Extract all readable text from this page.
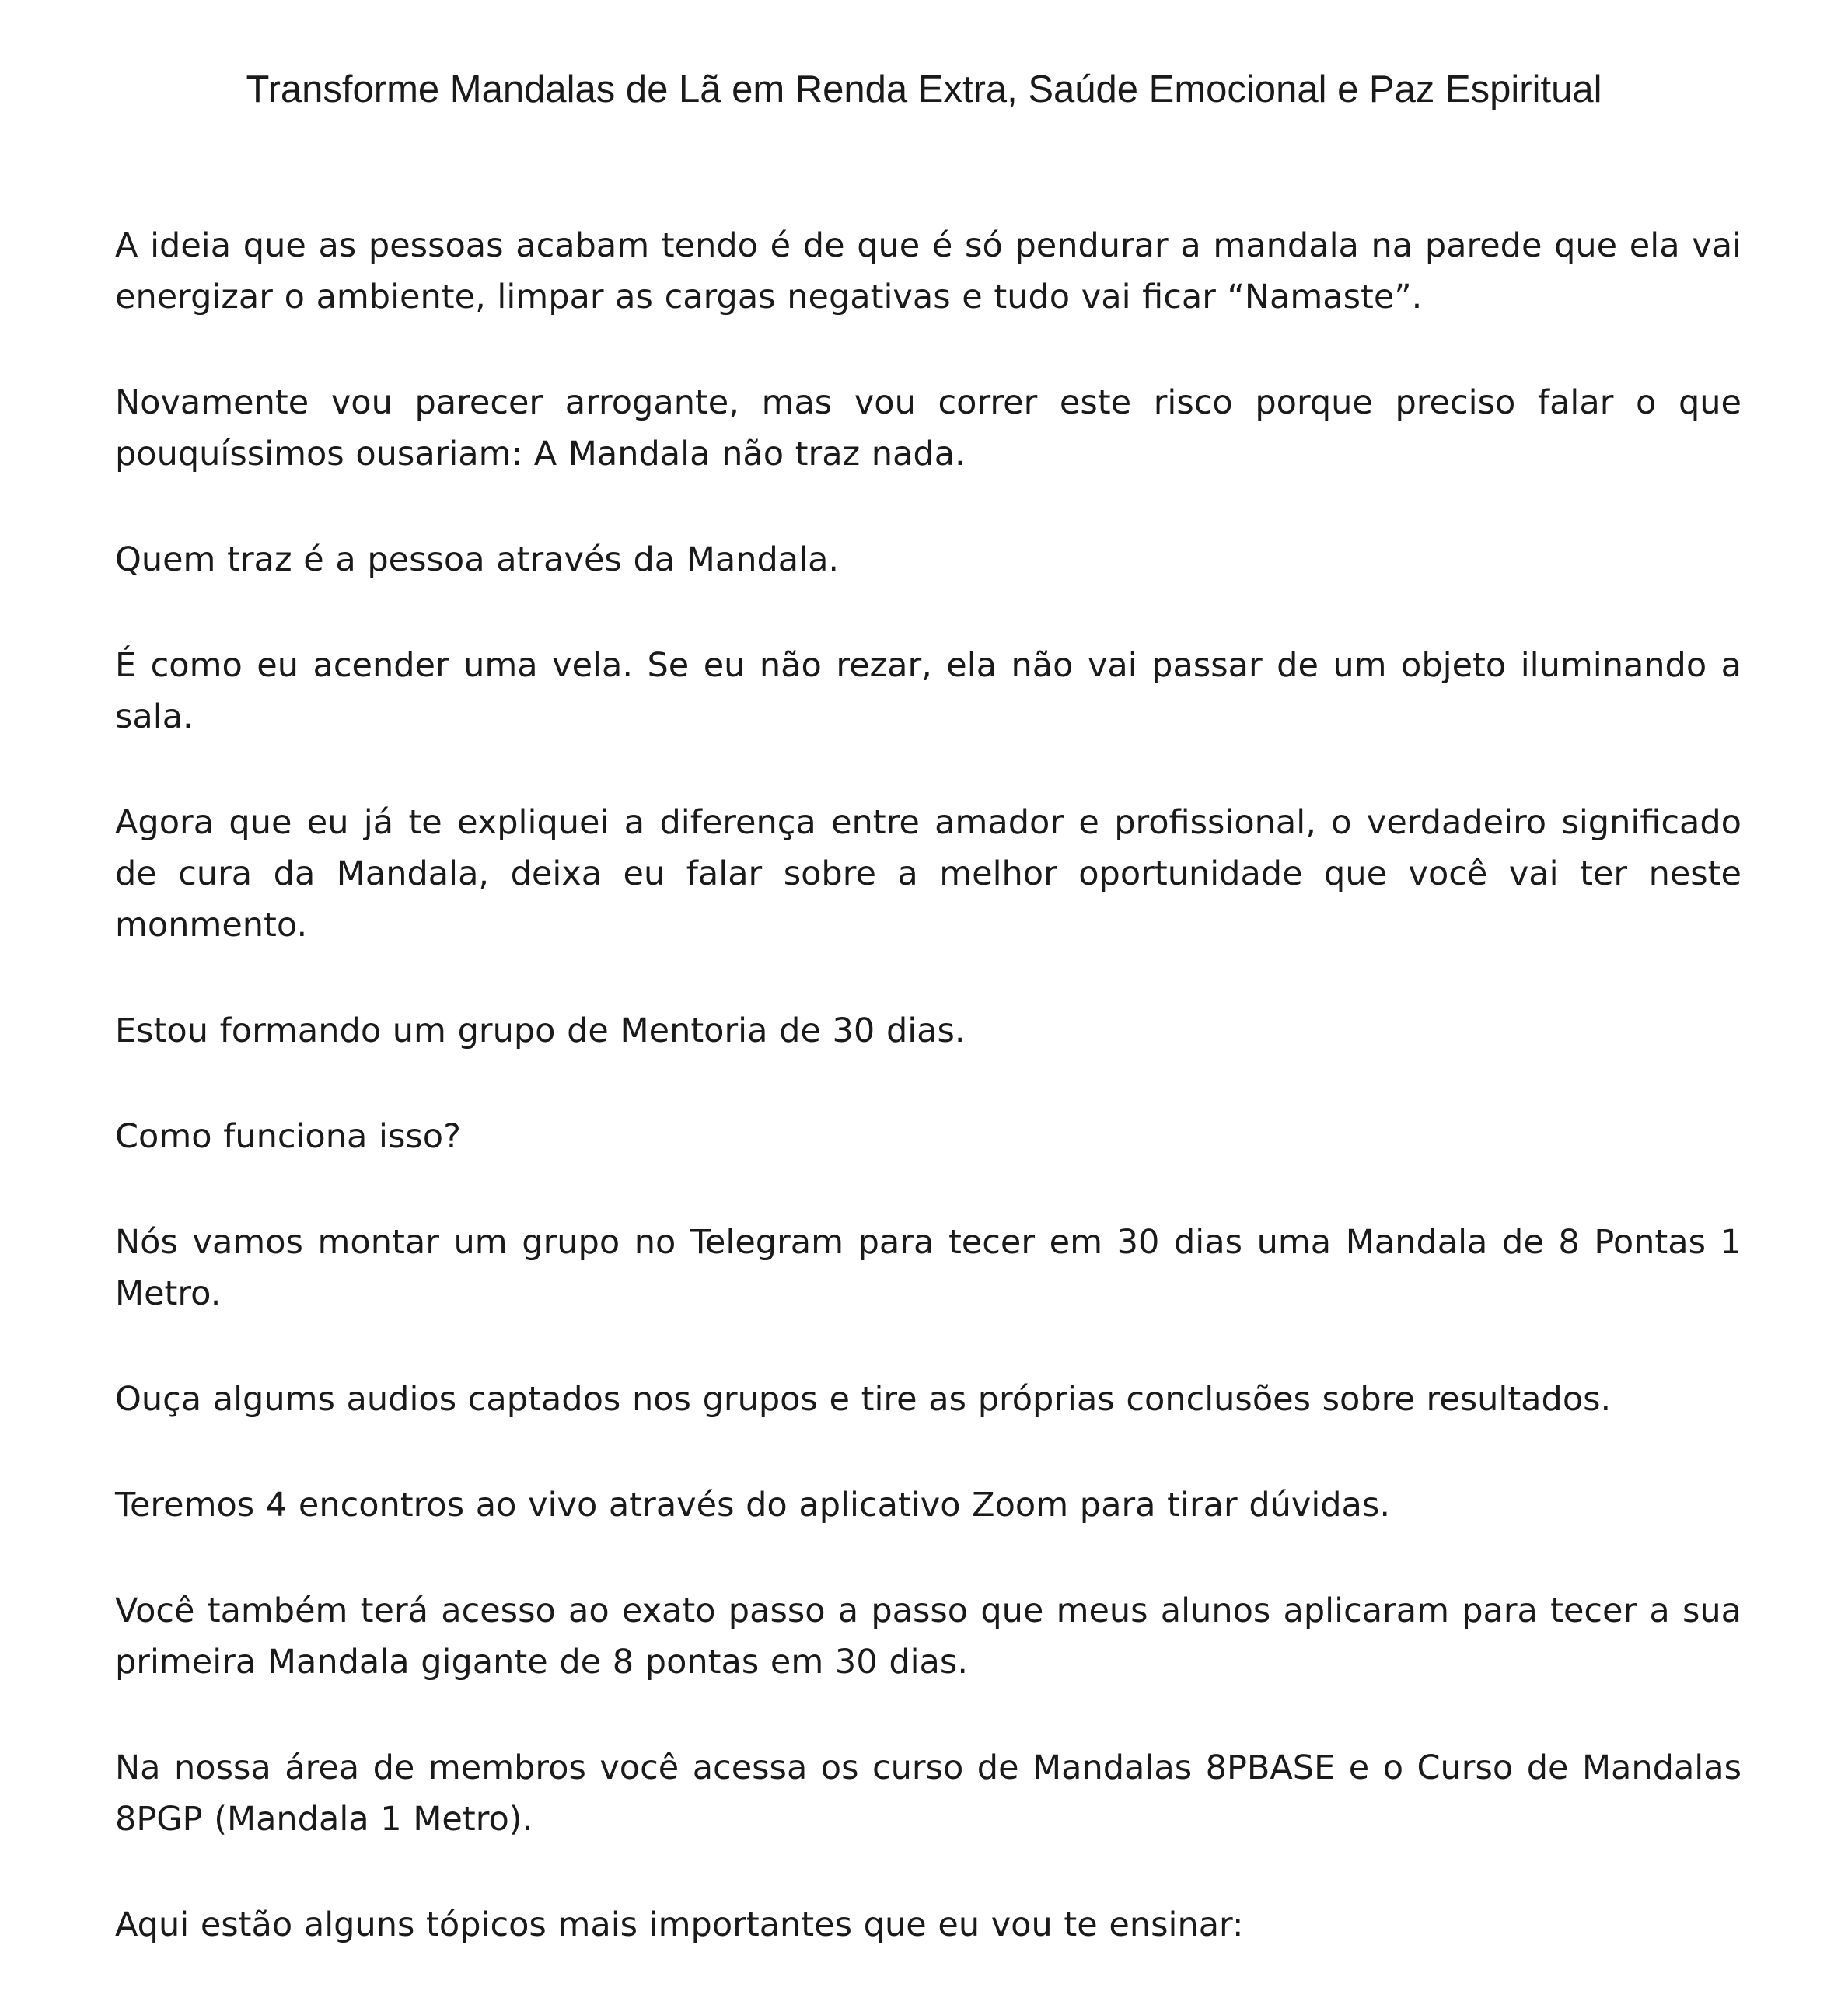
Transforme Mandalas de Lã em Renda Extra, Saúde Emocional e Paz Espiritual

A ideia que as pessoas acabam tendo é de que é só pendurar a mandala na parede que ela vai energizar o ambiente, limpar as cargas negativas e tudo vai ficar “Namaste”.

Novamente vou parecer arrogante, mas vou correr este risco porque preciso falar o que pouquíssimos ousariam: A Mandala não traz nada.

Quem traz é a pessoa através da Mandala.

É como eu acender uma vela. Se eu não rezar, ela não vai passar de um objeto iluminando a sala.

Agora que eu já te expliquei a diferença entre amador e profissional, o verdadeiro significado de cura da Mandala, deixa eu falar sobre a melhor oportunidade que você vai ter neste monmento.

Estou formando um grupo de Mentoria de 30 dias.

Como funciona isso?

Nós vamos montar um grupo no Telegram para tecer em 30 dias uma Mandala de 8 Pontas 1 Metro.

Ouça algums audios captados nos grupos e tire as próprias conclusões sobre resultados.

Teremos 4 encontros ao vivo através do aplicativo Zoom para tirar dúvidas.

Você também terá acesso ao exato passo a passo que meus alunos aplicaram para tecer a sua primeira Mandala gigante de 8 pontas em 30 dias.

Na nossa área de membros você acessa os curso de Mandalas 8PBASE e o Curso de Mandalas 8PGP (Mandala 1 Metro).

Aqui estão alguns tópicos mais importantes que eu vou te ensinar:
